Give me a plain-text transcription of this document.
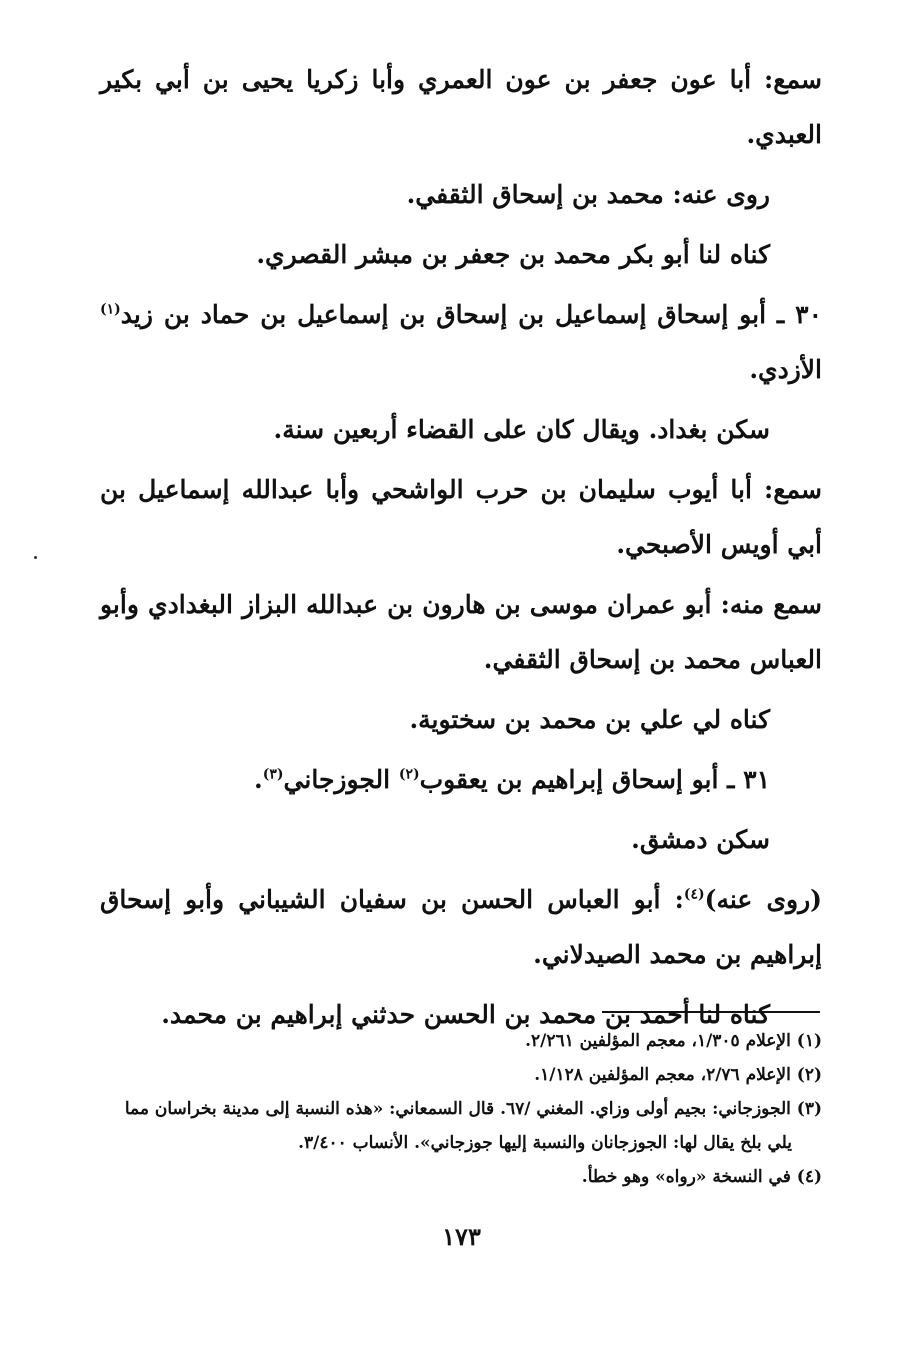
سمع: أبا عون جعفر بن عون العمري وأبا زكريا يحيى بن أبي بكير العبدي.

روى عنه: محمد بن إسحاق الثقفي.

كناه لنا أبو بكر محمد بن جعفر بن مبشر القصري.

٣٠ ـ أبو إسحاق إسماعيل بن إسحاق بن إسماعيل بن حماد بن زيد$^{(١)}$ الأزدي.

سكن بغداد. ويقال كان على القضاء أربعين سنة.

سمع: أبا أيوب سليمان بن حرب الواشحي وأبا عبدالله إسماعيل بن أبي أويس الأصبحي.

سمع منه: أبو عمران موسى بن هارون بن عبدالله البزاز البغدادي وأبو العباس محمد بن إسحاق الثقفي.

كناه لي علي بن محمد بن سختوية.

٣١ ـ أبو إسحاق إبراهيم بن يعقوب$^{(٢)}$ الجوزجاني$^{(٣)}$.

سكن دمشق.

(روى عنه)$^{(٤)}$: أبو العباس الحسن بن سفيان الشيباني وأبو إسحاق إبراهيم بن محمد الصيدلاني.

كناه لنا أحمد بن محمد بن الحسن حدثني إبراهيم بن محمد.

(١) الإعلام ١/٣٠٥، معجم المؤلفين ٢/٢٦١.

(٢) الإعلام ٢/٧٦، معجم المؤلفين ١/١٢٨.

(٣) الجوزجاني: بجيم أولى وزاي. المغني /٦٧. قال السمعاني: «هذه النسبة إلى مدينة بخراسان مما

يلي بلخ يقال لها: الجوزجانان والنسبة إليها جوزجاني». الأنساب ٣/٤٠٠.

(٤) في النسخة «رواه» وهو خطأ.

١٧٣
